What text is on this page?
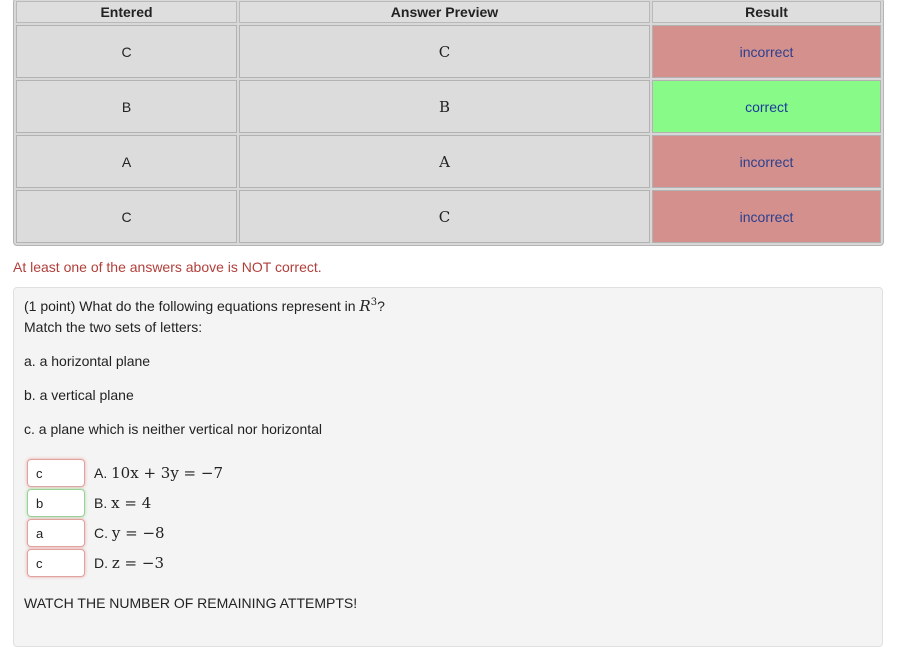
Entered	Answer Preview	Result
C	C	incorrect
B	B	correct
A	A	incorrect
C	C	incorrect
At least one of the answers above is NOT correct.
(1 point) What do the following equations represent in $R^3$?
Match the two sets of letters:
a. a horizontal plane
b. a vertical plane
c. a plane which is neither vertical nor horizontal
c
A. 10x + 3y = −7
b
B. x = 4
a
C. y = −8
c
D. z = −3
WATCH THE NUMBER OF REMAINING ATTEMPTS!
